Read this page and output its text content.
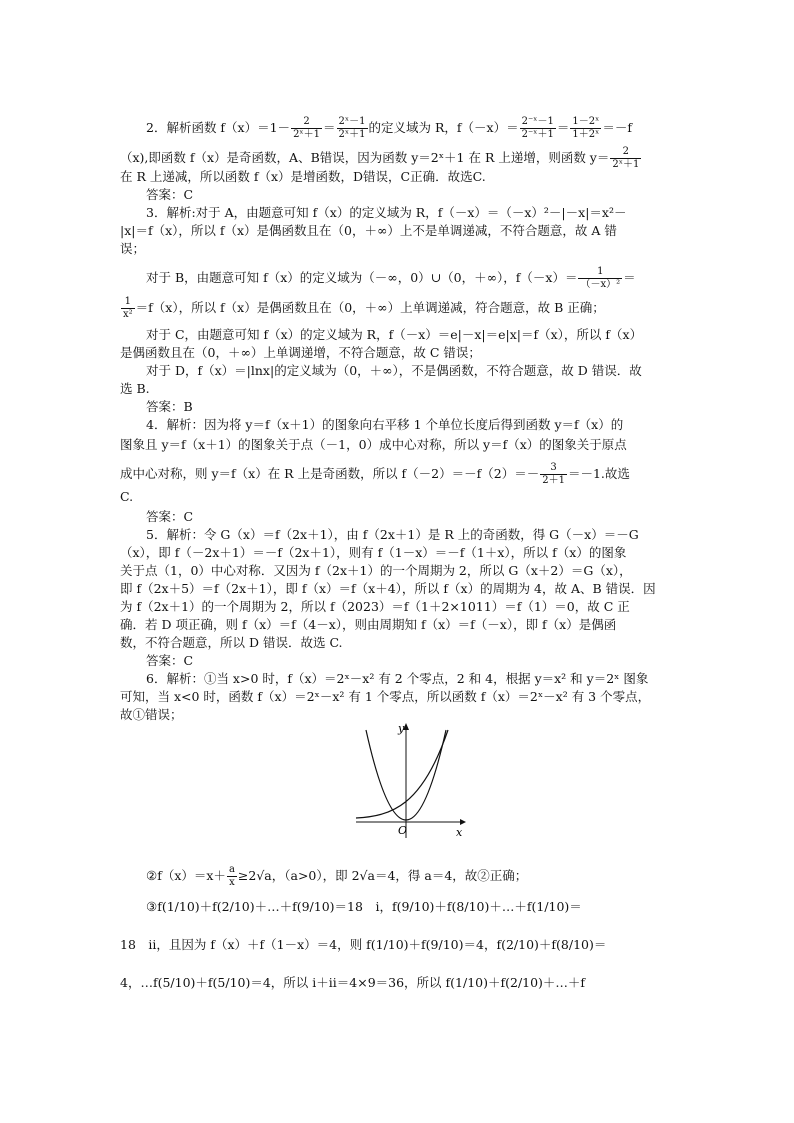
2．解析函数 $f(x)=1- \frac{2}{\text{2ˣ＋1}} = \frac{\text{2ˣ－1}}{\text{2ˣ＋1}}$ 的定义域为 R，$f(-x)= \frac{\text{2⁻ˣ－1}}{\text{2⁻ˣ＋1}} = \frac{\text{1－2ˣ}}{\text{1＋2ˣ}} =-f$
（x),即函数 f（x）是奇函数，A、B错误，因为函数 y＝2ˣ＋1 在 R 上递增，则函数 $y= \frac{2}{\text{2ˣ＋1}}$
在 R 上递减，所以函数 f（x）是增函数，D错误，C正确．故选C.
答案：C
3．解析:对于 A，由题意可知 f（x）的定义域为 R，f（－x）＝（－x）²－|－x|＝x²－
|x|＝f（x），所以 f（x）是偶函数且在（0，＋∞）上不是单调递减，不符合题意，故 A 错
误；
对于 B，由题意可知 f（x）的定义域为（－∞，0）∪（0，＋∞），$f(-x)= \frac{1}{\text{（－x）²}}$ ＝
$\frac{1}{\text{x²}} =f(x)$，所以 f（x）是偶函数且在（0，＋∞）上单调递减，符合题意，故 B 正确；
对于 C，由题意可知 f（x）的定义域为 R，f（－x）＝e|－x|＝e|x|＝f（x），所以 f（x）
是偶函数且在（0，＋∞）上单调递增，不符合题意，故 C 错误；
对于 D，f（x）＝|lnx|的定义域为（0，＋∞），不是偶函数，不符合题意，故 D 错误．故
选 B.
答案：B
4．解析：因为将 y＝f（x＋1）的图象向右平移 1 个单位长度后得到函数 y＝f（x）的
图象且 y＝f（x＋1）的图象关于点（－1，0）成中心对称，所以 y＝f（x）的图象关于原点
成中心对称，则 y＝f（x）在 R 上是奇函数，所以 $f(-2)=-f(2)=- \frac{3}{2+1} =-1$.故选
C.
答案：C
5．解析：令 G（x）＝f（2x＋1），由 f（2x＋1）是 R 上的奇函数，得 G（－x）＝－G
（x），即 f（－2x＋1）＝－f（2x＋1），则有 f（1－x）＝－f（1＋x），所以 f（x）的图象
关于点（1，0）中心对称．又因为 f（2x＋1）的一个周期为 2，所以 G（x＋2）＝G（x），
即 f（2x＋5）＝f（2x＋1），即 f（x）＝f（x＋4），所以 f（x）的周期为 4，故 A、B 错误．因
为 f（2x＋1）的一个周期为 2，所以 f（2023）＝f（1＋2×1011）＝f（1）＝0，故 C 正
确．若 D 项正确，则 f（x）＝f（4－x），则由周期知 f（x）＝f（－x），即 f（x）是偶函
数，不符合题意，所以 D 错误．故选 C.
答案：C
6．解析：①当 x>0 时，f（x）＝2ˣ－x² 有 2 个零点，2 和 4，根据 y＝x² 和 y＝2ˣ 图象
可知，当 x<0 时，函数 f（x）＝2ˣ－x² 有 1 个零点，所以函数 f（x）＝2ˣ－x² 有 3 个零点，
故①错误；
O	x
y
②f（x）＝x＋ $\frac{a}{x} \ge 2√a$，（a>0），即 2√a＝4，得 a＝4，故②正确；
③f(1/10)＋f(2/10)＋…＋f(9/10)＝18　i，f(9/10)＋f(8/10)＋…＋f(1/10)＝
18　ii，且因为 f（x）＋f（1－x）＝4，则 f(1/10)＋f(9/10)＝4，f(2/10)＋f(8/10)＝
4，…f(5/10)＋f(5/10)＝4，所以 i＋ii＝4×9＝36，所以 f(1/10)＋f(2/10)＋…＋f
